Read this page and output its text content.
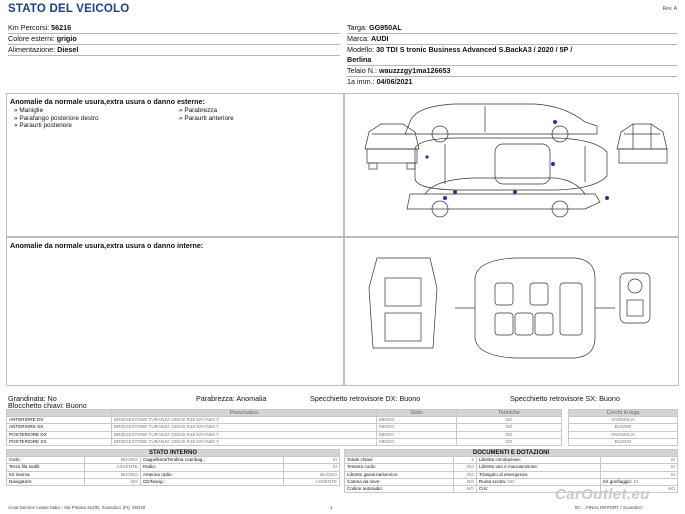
STATO DEL VEICOLO	Rev. A
Km Percorsi: 56216
Colore esterni: grigio
Alimentazione: Diesel
Targa: GG950AL
Marca: AUDI
Modello: 30 TDI S tronic Business Advanced S.BackA3 / 2020 / 5P /
Berlina
Telaio N.: wauzzzgy1ma126653
1a imm.: 04/06/2021
Anomalie da normale usura,extra usura o danno esterne:
» Maniglie
» Parafango posteriore destro
» Paraurti posteriore
» Parabrezza
» Paraurti anteriore
Anomalie da normale usura,extra usura o danno interne:
Grandinata: No	Parabrezza: Anomalia	Specchietto retrovisore DX: Buono	Specchietto retrovisore SX: Buono
Blocchetto chiavi: Buono
	Pneumatico	Stato	Termiche
ANTERIORE DX	BRIDGESTONE TURANZA 225/40 R18 92Y/ABS Y	MEDIO	NO
ANTERIORE SX	BRIDGESTONE TURANZA 225/40 R18 92Y/ABS Y	MEDIO	NO
POSTERIORE DX	BRIDGESTONE TURANZA 225/40 R18 92Y/ABS Y	MEDIO	NO
POSTERIORE SX	BRIDGESTONE TURANZA 225/40 R18 92Y/ABS Y	MEDIO	NO
Cerchi in lega
ANOMALIA
BUONO
ANOMALIA
BUONO
STATO INTERNO			
Cielo:	BUONO	Cappelliera/Tendina copribag.:	SI
Terza fila sedili:	ASSENTE	Radio:	SI
Kit riserva:	BUONO	Antenna radio:	BUONO
Navigatore:	NO	CD/Navig.:	ASSENTE
DOCUMENTI E DOTAZIONI			
Totale chiavi:	2	Libretto circolazione:	SI
Tessera codic:	NO	Libretto uso e manutenzione:	SI
Libretto garanzia/service:	NO	Triangolo di emergenza:	SI
Catena da neve:	NO	Ruota scorta: NO	Kit gonfiaggio: SI
Codice autoradio:	NO	Cric:	NO
Arval Service Lease Italia - Via Pisana 314/B, Scandicci (FI), 50018	1	ID: ...FINAL REPORT / Scandicci
CarOutlet.eu
